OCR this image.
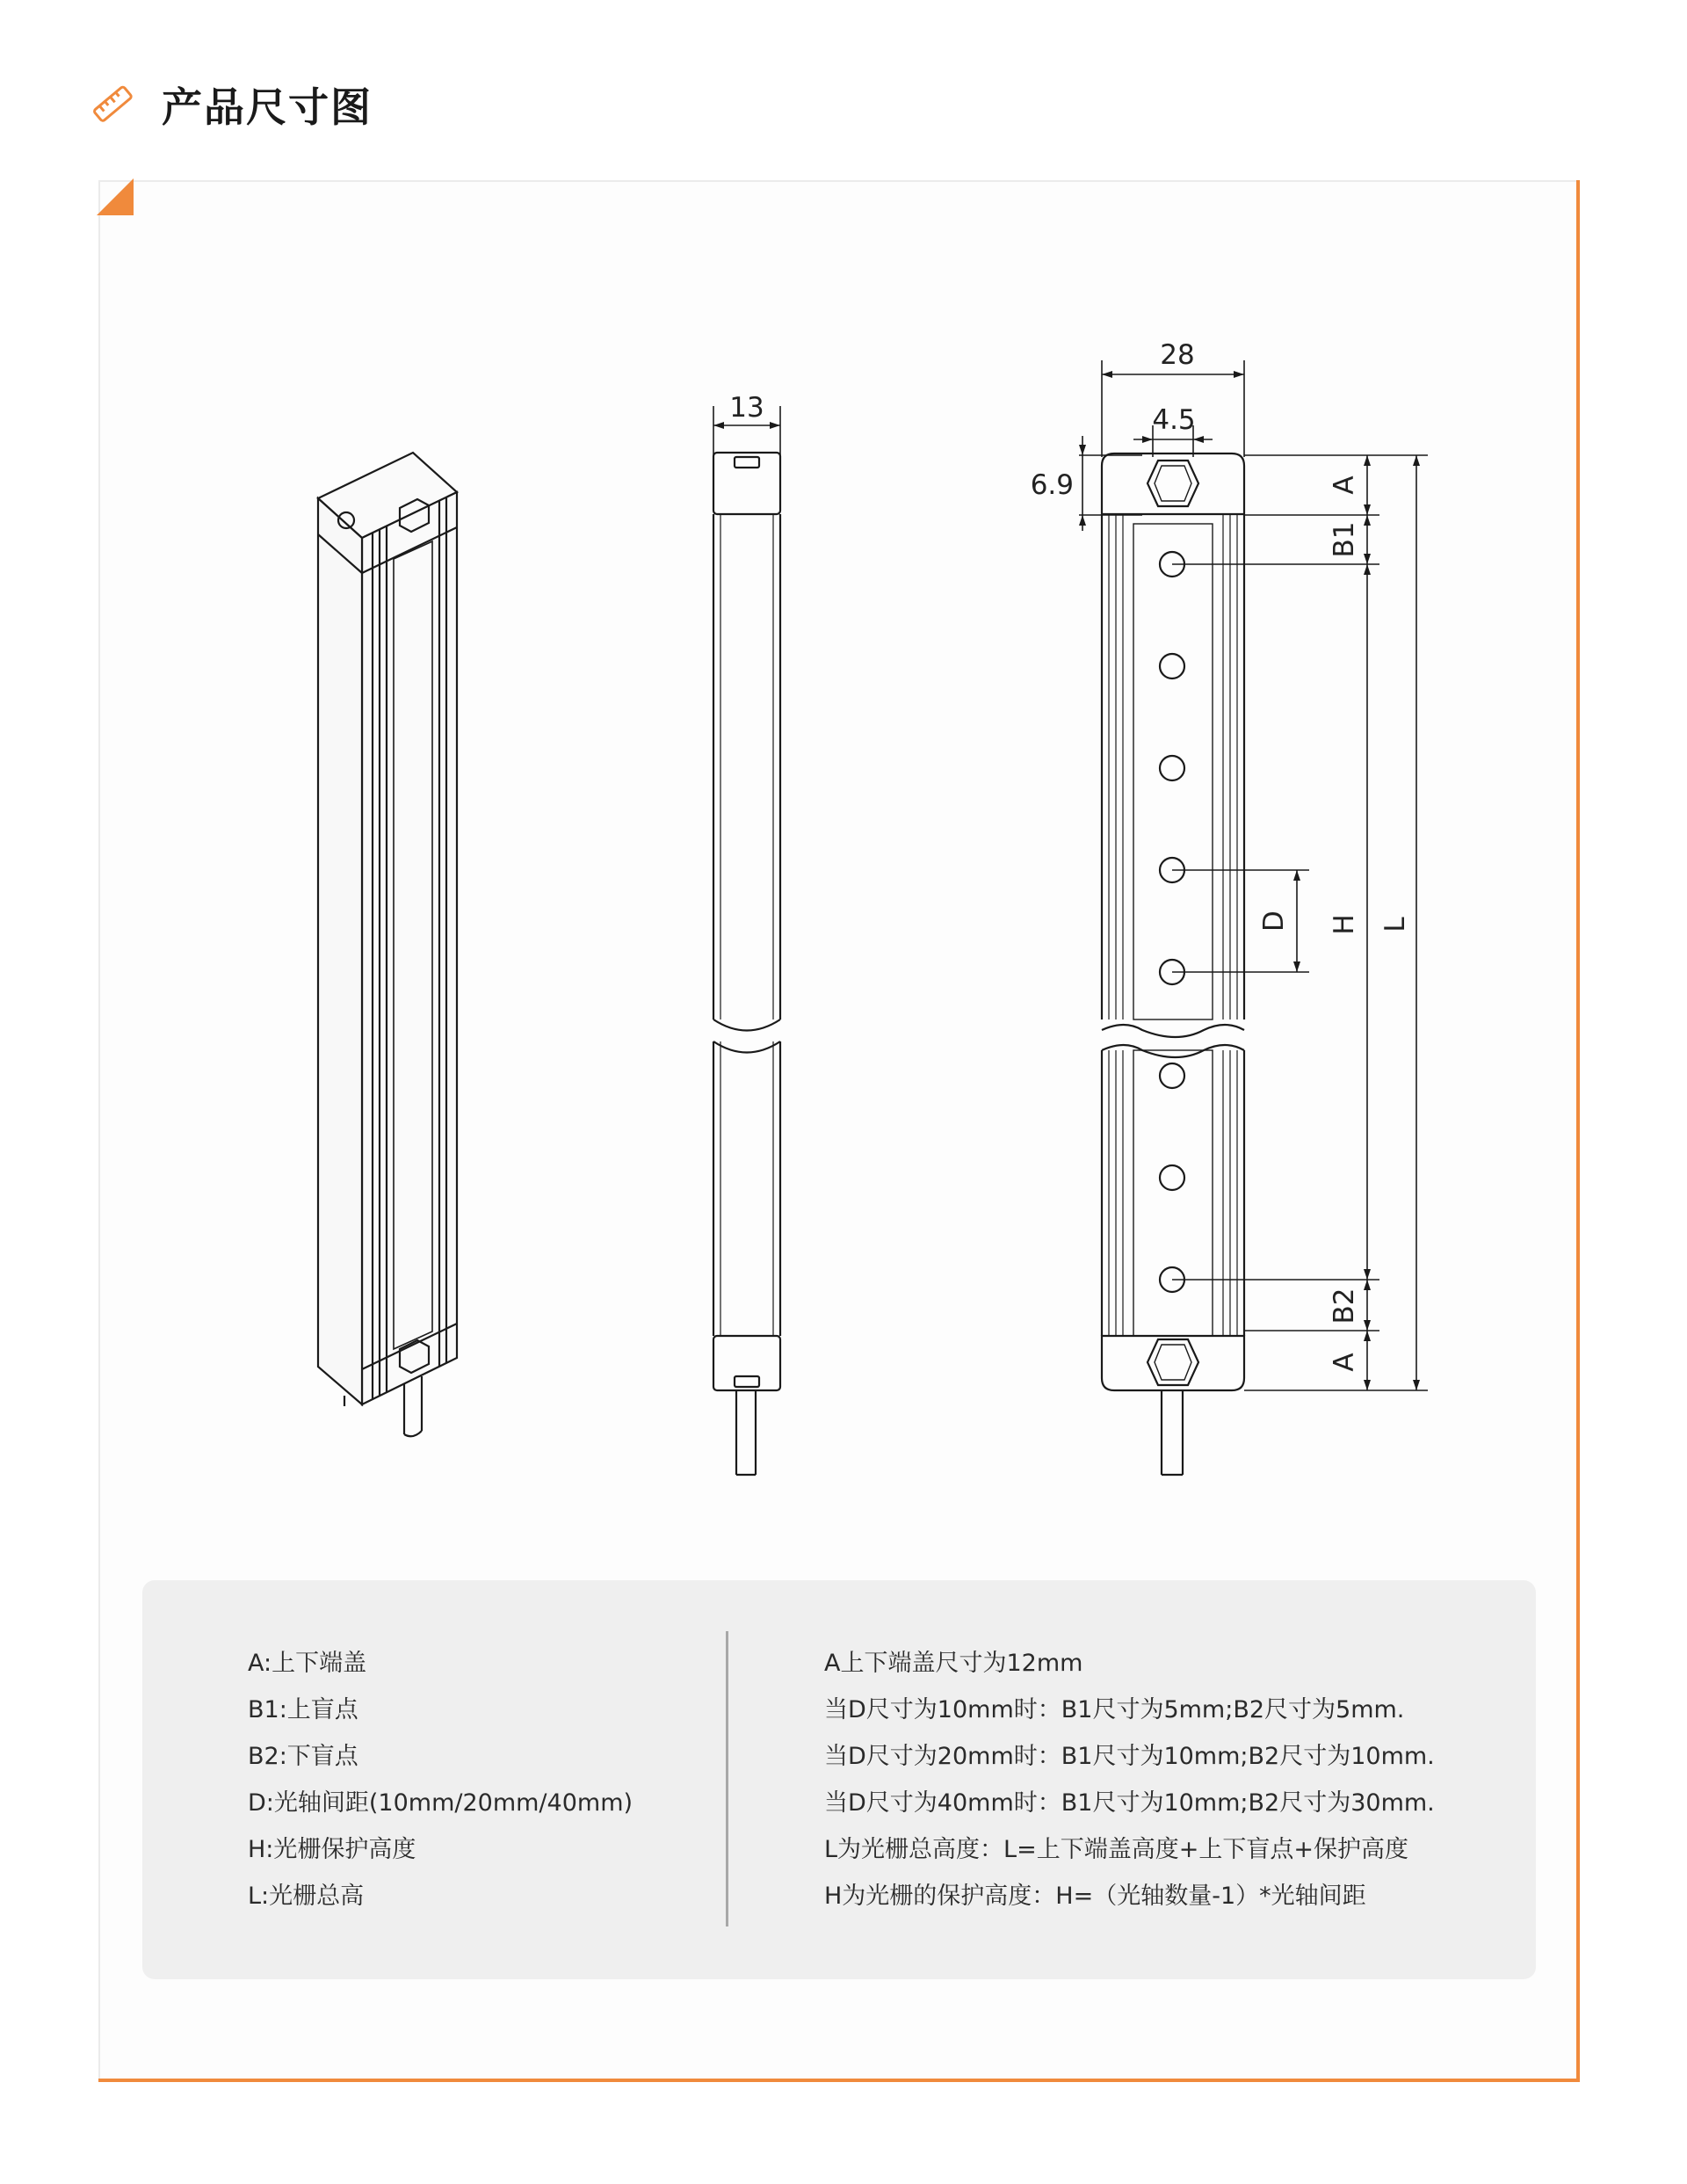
产品尺寸图
13
28
4.5
6.9
D
A
B1
H
B2
A
L
A:上下端盖
B1:上盲点
B2:下盲点
D:光轴间距(10mm/20mm/40mm)
H:光栅保护高度
L:光栅总高
A上下端盖尺寸为12mm
当D尺寸为10mm时：B1尺寸为5mm;B2尺寸为5mm.
当D尺寸为20mm时：B1尺寸为10mm;B2尺寸为10mm.
当D尺寸为40mm时：B1尺寸为10mm;B2尺寸为30mm.
L为光栅总高度：L=上下端盖高度+上下盲点+保护高度
H为光栅的保护高度：H=（光轴数量-1）*光轴间距
